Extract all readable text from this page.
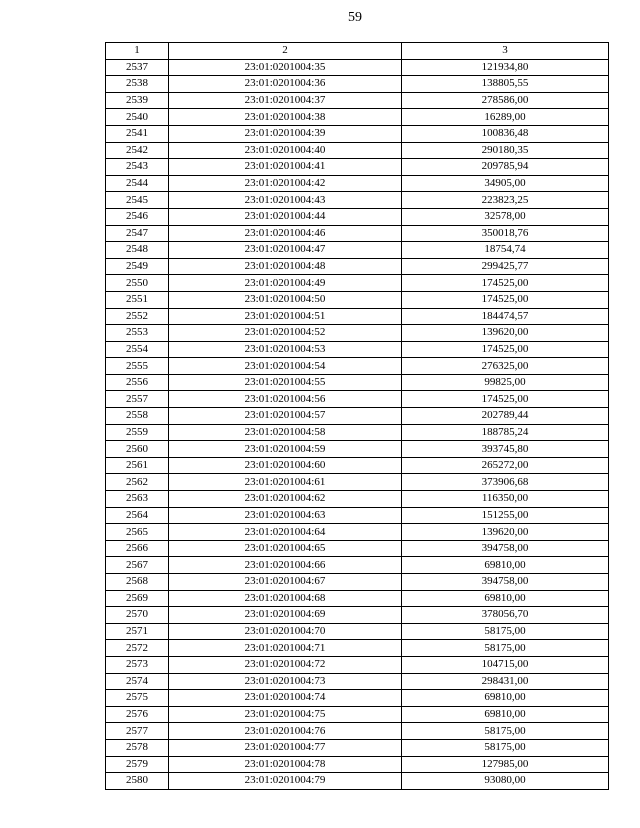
59
1	2	3
2537	23:01:0201004:35	121934,80
2538	23:01:0201004:36	138805,55
2539	23:01:0201004:37	278586,00
2540	23:01:0201004:38	16289,00
2541	23:01:0201004:39	100836,48
2542	23:01:0201004:40	290180,35
2543	23:01:0201004:41	209785,94
2544	23:01:0201004:42	34905,00
2545	23:01:0201004:43	223823,25
2546	23:01:0201004:44	32578,00
2547	23:01:0201004:46	350018,76
2548	23:01:0201004:47	18754,74
2549	23:01:0201004:48	299425,77
2550	23:01:0201004:49	174525,00
2551	23:01:0201004:50	174525,00
2552	23:01:0201004:51	184474,57
2553	23:01:0201004:52	139620,00
2554	23:01:0201004:53	174525,00
2555	23:01:0201004:54	276325,00
2556	23:01:0201004:55	99825,00
2557	23:01:0201004:56	174525,00
2558	23:01:0201004:57	202789,44
2559	23:01:0201004:58	188785,24
2560	23:01:0201004:59	393745,80
2561	23:01:0201004:60	265272,00
2562	23:01:0201004:61	373906,68
2563	23:01:0201004:62	116350,00
2564	23:01:0201004:63	151255,00
2565	23:01:0201004:64	139620,00
2566	23:01:0201004:65	394758,00
2567	23:01:0201004:66	69810,00
2568	23:01:0201004:67	394758,00
2569	23:01:0201004:68	69810,00
2570	23:01:0201004:69	378056,70
2571	23:01:0201004:70	58175,00
2572	23:01:0201004:71	58175,00
2573	23:01:0201004:72	104715,00
2574	23:01:0201004:73	298431,00
2575	23:01:0201004:74	69810,00
2576	23:01:0201004:75	69810,00
2577	23:01:0201004:76	58175,00
2578	23:01:0201004:77	58175,00
2579	23:01:0201004:78	127985,00
2580	23:01:0201004:79	93080,00
